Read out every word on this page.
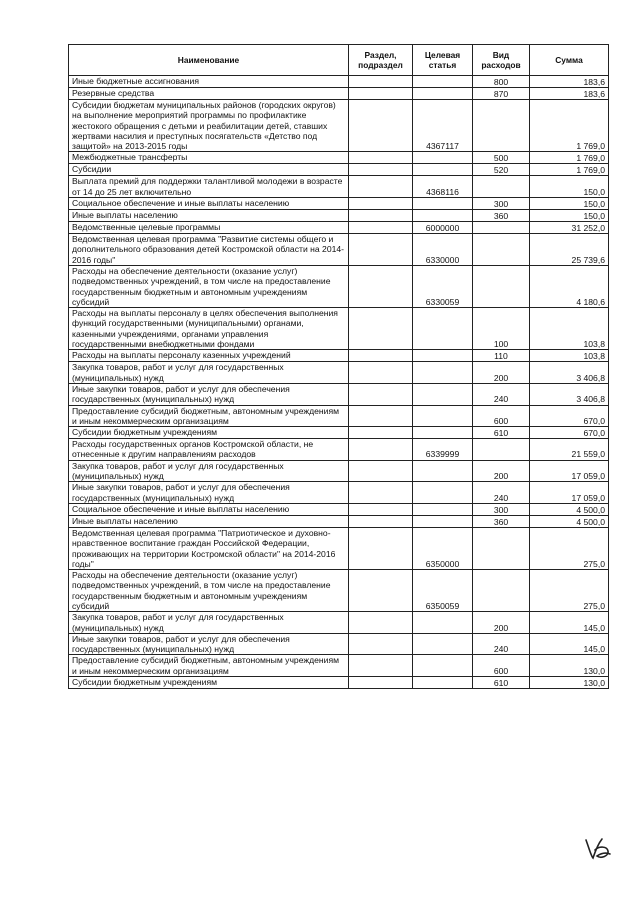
Наименование	Раздел, подраздел	Целевая статья	Вид расходов	Сумма
Иные бюджетные ассигнования			800	183,6
Резервные средства			870	183,6
Субсидии бюджетам муниципальных районов (городских округов) на выполнение мероприятий программы по профилактике жестокого обращения с детьми и реабилитации детей, ставших жертвами насилия и преступных посягательств «Детство под защитой» на 2013-2015 годы		4367117		1 769,0
Межбюджетные трансферты			500	1 769,0
Субсидии			520	1 769,0
Выплата премий для поддержки талантливой молодежи в возрасте от 14 до 25 лет включительно		4368116		150,0
Социальное обеспечение и иные выплаты населению			300	150,0
Иные выплаты населению			360	150,0
Ведомственные целевые программы		6000000		31 252,0
Ведомственная целевая программа "Развитие системы общего и дополнительного образования детей Костромской области на 2014-2016 годы"		6330000		25 739,6
Расходы на обеспечение деятельности (оказание услуг) подведомственных учреждений, в том числе на предоставление государственным бюджетным и автономным учреждениям субсидий		6330059		4 180,6
Расходы на выплаты персоналу в целях обеспечения выполнения функций государственными (муниципальными) органами, казенными учреждениями, органами управления государственными внебюджетными фондами			100	103,8
Расходы на выплаты персоналу казенных учреждений			110	103,8
Закупка товаров, работ и услуг для государственных (муниципальных) нужд			200	3 406,8
Иные закупки товаров, работ и услуг для обеспечения государственных (муниципальных) нужд			240	3 406,8
Предоставление субсидий бюджетным, автономным учреждениям и иным некоммерческим организациям			600	670,0
Субсидии бюджетным учреждениям			610	670,0
Расходы государственных органов Костромской области, не отнесенные к другим направлениям расходов		6339999		21 559,0
Закупка товаров, работ и услуг для государственных (муниципальных) нужд			200	17 059,0
Иные закупки товаров, работ и услуг для обеспечения государственных (муниципальных) нужд			240	17 059,0
Социальное обеспечение и иные выплаты населению			300	4 500,0
Иные выплаты населению			360	4 500,0
Ведомственная целевая программа "Патриотическое и духовно-нравственное воспитание граждан Российской Федерации, проживающих на территории Костромской области" на 2014-2016 годы"		6350000		275,0
Расходы на обеспечение деятельности (оказание услуг) подведомственных учреждений, в том числе на предоставление государственным бюджетным и автономным учреждениям субсидий		6350059		275,0
Закупка товаров, работ и услуг для государственных (муниципальных) нужд			200	145,0
Иные закупки товаров, работ и услуг для обеспечения государственных (муниципальных) нужд			240	145,0
Предоставление субсидий бюджетным, автономным учреждениям и иным некоммерческим организациям			600	130,0
Субсидии бюджетным учреждениям			610	130,0
